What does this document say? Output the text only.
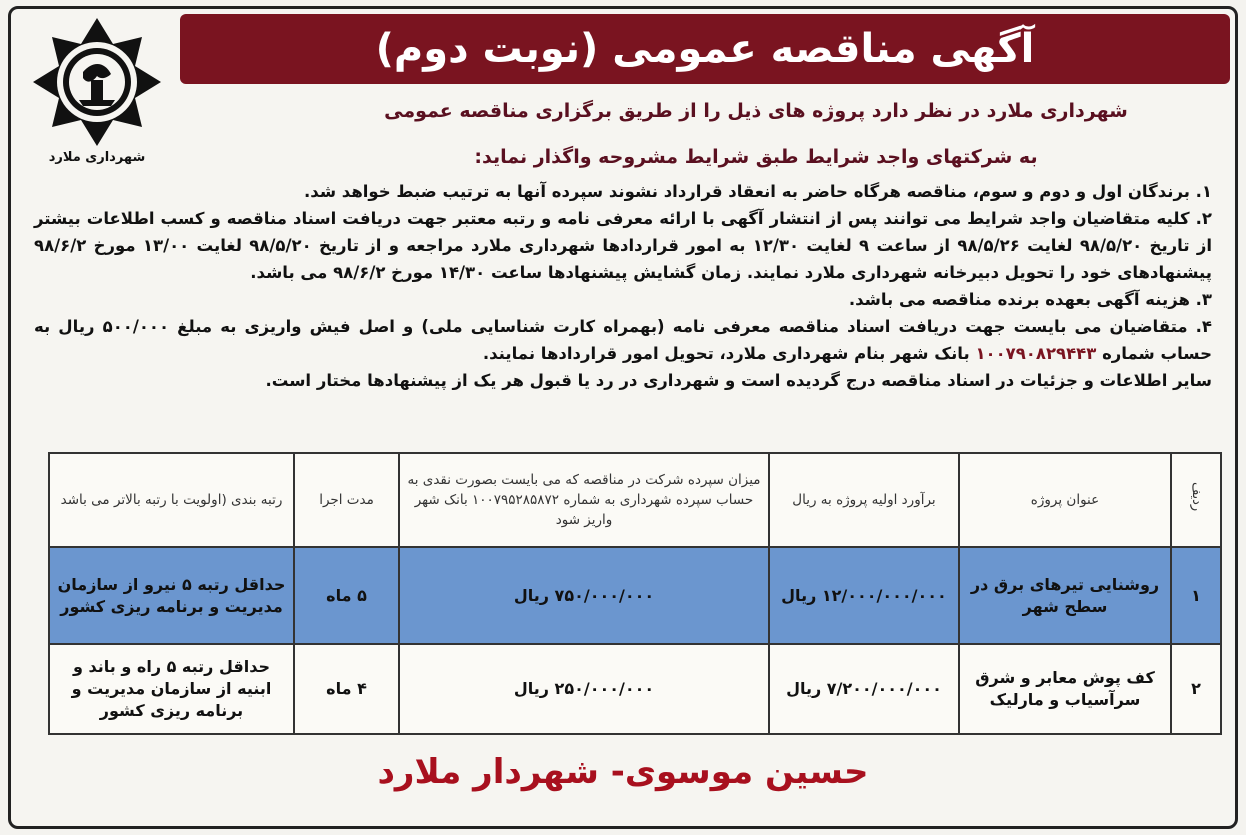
شهرداری ملارد
آگهی مناقصه عمومی (نوبت دوم)
شهرداری ملارد در نظر دارد پروژه های ذیل را از طریق برگزاری مناقصه عمومی
به شرکتهای واجد شرایط طبق شرایط مشروحه واگذار نماید:
۱. برندگان اول و دوم و سوم، مناقصه هرگاه حاضر به انعقاد قرارداد نشوند سپرده آنها به ترتیب ضبط خواهد شد.
۲. کلیه متقاضیان واجد شرایط می توانند پس از انتشار آگهی با ارائه معرفی نامه و رتبه معتبر جهت دریافت اسناد مناقصه و کسب اطلاعات بیشتر از تاریخ ۹۸/۵/۲۰ لغایت ۹۸/۵/۲۶ از ساعت ۹ لغایت ۱۲/۳۰ به امور قراردادها شهرداری ملارد مراجعه و از تاریخ ۹۸/۵/۲۰ لغایت ۱۳/۰۰ مورخ ۹۸/۶/۲ پیشنهادهای خود را تحویل دبیرخانه شهرداری ملارد نمایند. زمان گشایش پیشنهادها ساعت ۱۴/۳۰ مورخ ۹۸/۶/۲ می باشد.
۳. هزینه آگهی بعهده برنده مناقصه می باشد.
۴. متقاضیان می بایست جهت دریافت اسناد مناقصه معرفی نامه (بهمراه کارت شناسایی ملی) و اصل فیش واریزی به مبلغ ۵۰۰/۰۰۰ ریال به حساب شماره ۱۰۰۷۹۰۸۲۹۴۴۳ بانک شهر بنام شهرداری ملارد، تحویل امور قراردادها نمایند.
سایر اطلاعات و جزئیات در اسناد مناقصه درج گردیده است و شهرداری در رد یا قبول هر یک از پیشنهادها مختار است.
ردیف	عنوان پروژه	برآورد اولیه پروژه به ریال	میزان سپرده شرکت در مناقصه که می بایست بصورت نقدی به حساب سپرده شهرداری به شماره ۱۰۰۷۹۵۲۸۵۸۷۲ بانک شهر واریز شود	مدت اجرا	رتبه بندی (اولویت با رتبه بالاتر می باشد
۱	روشنایی تیرهای برق در سطح شهر	۱۲/۰۰۰/۰۰۰/۰۰۰ ریال	۷۵۰/۰۰۰/۰۰۰ ریال	۵ ماه	حداقل رتبه ۵ نیرو از سازمان مدیریت و برنامه ریزی کشور
۲	کف پوش معابر و شرق سرآسیاب و مارلیک	۷/۲۰۰/۰۰۰/۰۰۰ ریال	۲۵۰/۰۰۰/۰۰۰ ریال	۴ ماه	حداقل رتبه ۵ راه و باند و ابنیه از سازمان مدیریت و برنامه ریزی کشور
حسین موسوی- شهردار ملارد
